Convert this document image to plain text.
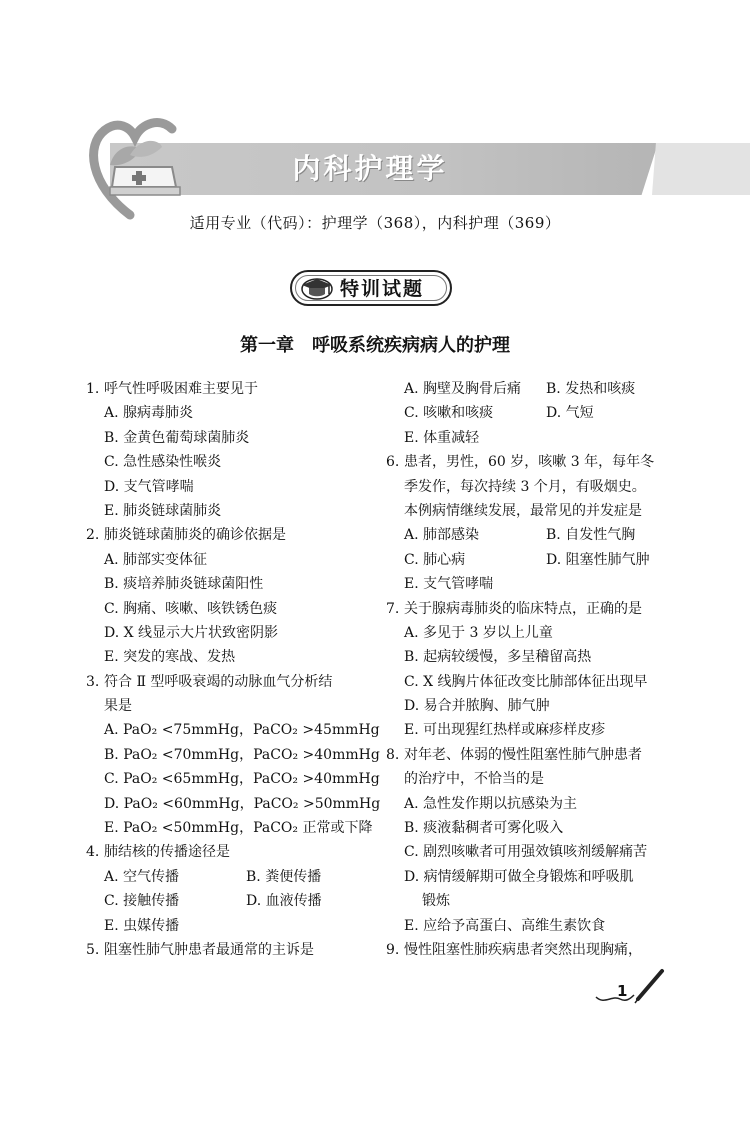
内科护理学
适用专业（代码）：护理学（368），内科护理（369）
特训试题
第一章　呼吸系统疾病病人的护理
1. 呼气性呼吸困难主要见于
A. 腺病毒肺炎
B. 金黄色葡萄球菌肺炎
C. 急性感染性喉炎
D. 支气管哮喘
E. 肺炎链球菌肺炎
2. 肺炎链球菌肺炎的确诊依据是
A. 肺部实变体征
B. 痰培养肺炎链球菌阳性
C. 胸痛、咳嗽、咳铁锈色痰
D. X 线显示大片状致密阴影
E. 突发的寒战、发热
3. 符合 Ⅱ 型呼吸衰竭的动脉血气分析结
果是
A. PaO₂ <75mmHg，PaCO₂ >45mmHg
B. PaO₂ <70mmHg，PaCO₂ >40mmHg
C. PaO₂ <65mmHg，PaCO₂ >40mmHg
D. PaO₂ <60mmHg，PaCO₂ >50mmHg
E. PaO₂ <50mmHg，PaCO₂ 正常或下降
4. 肺结核的传播途径是
A. 空气传播	B. 粪便传播
C. 接触传播	D. 血液传播
E. 虫媒传播
5. 阻塞性肺气肿患者最通常的主诉是
A. 胸壁及胸骨后痛	B. 发热和咳痰
C. 咳嗽和咳痰	D. 气短
E. 体重减轻
6. 患者，男性，60 岁，咳嗽 3 年，每年冬
季发作，每次持续 3 个月，有吸烟史。
本例病情继续发展，最常见的并发症是
A. 肺部感染	B. 自发性气胸
C. 肺心病	D. 阻塞性肺气肿
E. 支气管哮喘
7. 关于腺病毒肺炎的临床特点，正确的是
A. 多见于 3 岁以上儿童
B. 起病较缓慢，多呈稽留高热
C. X 线胸片体征改变比肺部体征出现早
D. 易合并脓胸、肺气肿
E. 可出现猩红热样或麻疹样皮疹
8. 对年老、体弱的慢性阻塞性肺气肿患者
的治疗中，不恰当的是
A. 急性发作期以抗感染为主
B. 痰液黏稠者可雾化吸入
C. 剧烈咳嗽者可用强效镇咳剂缓解痛苦
D. 病情缓解期可做全身锻炼和呼吸肌
锻炼
E. 应给予高蛋白、高维生素饮食
9. 慢性阻塞性肺疾病患者突然出现胸痛，
1
